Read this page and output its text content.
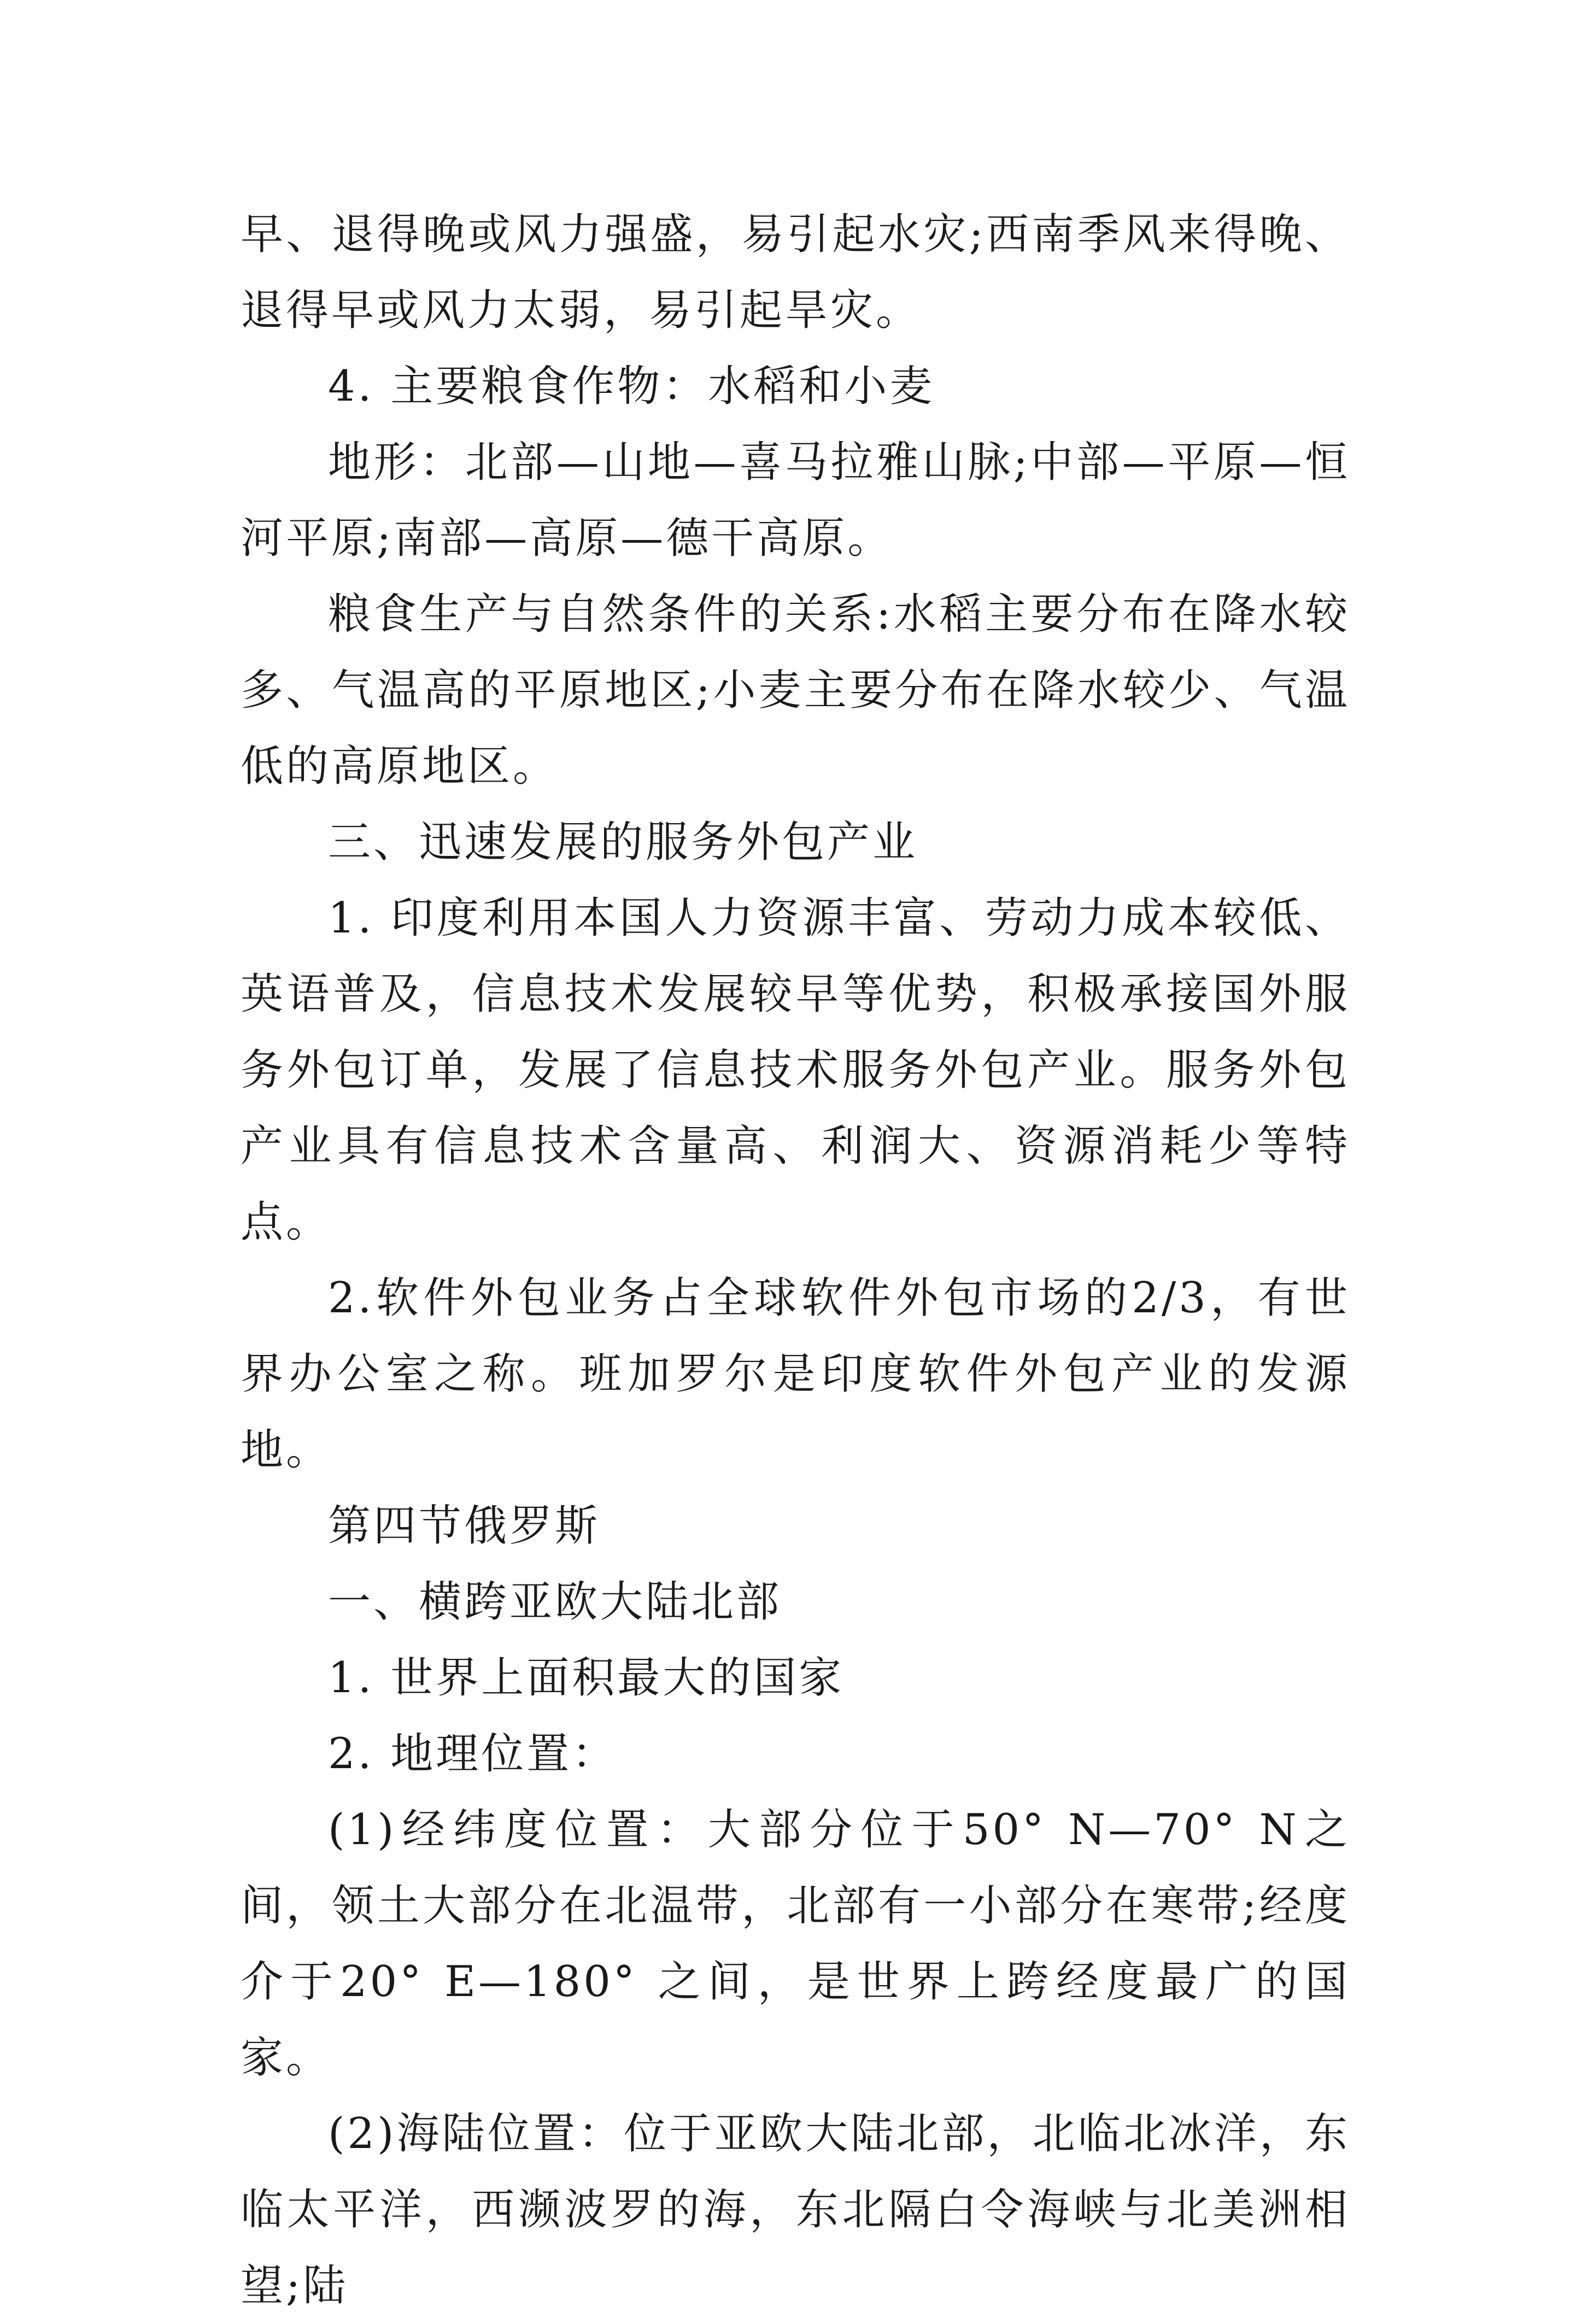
早、退得晚或风力强盛，易引起水灾;西南季风来得晚、退得早或风力太弱，易引起旱灾。

4. 主要粮食作物：水稻和小麦

地形：北部—山地—喜马拉雅山脉;中部—平原—恒河平原;南部—高原—德干高原。

粮食生产与自然条件的关系:水稻主要分布在降水较多、气温高的平原地区;小麦主要分布在降水较少、气温低的高原地区。

三、迅速发展的服务外包产业

1. 印度利用本国人力资源丰富、劳动力成本较低、英语普及，信息技术发展较早等优势，积极承接国外服务外包订单，发展了信息技术服务外包产业。服务外包产业具有信息技术含量高、利润大、资源消耗少等特点。

2.软件外包业务占全球软件外包市场的2/3，有世界办公室之称。班加罗尔是印度软件外包产业的发源地。

第四节俄罗斯

一、横跨亚欧大陆北部

1. 世界上面积最大的国家

2. 地理位置：

(1)经纬度位置：大部分位于50° N—70° N之间，领土大部分在北温带，北部有一小部分在寒带;经度介于20° E—180° 之间，是世界上跨经度最广的国家。

(2)海陆位置：位于亚欧大陆北部，北临北冰洋，东临太平洋，西濒波罗的海，东北隔白令海峡与北美洲相望;陆
